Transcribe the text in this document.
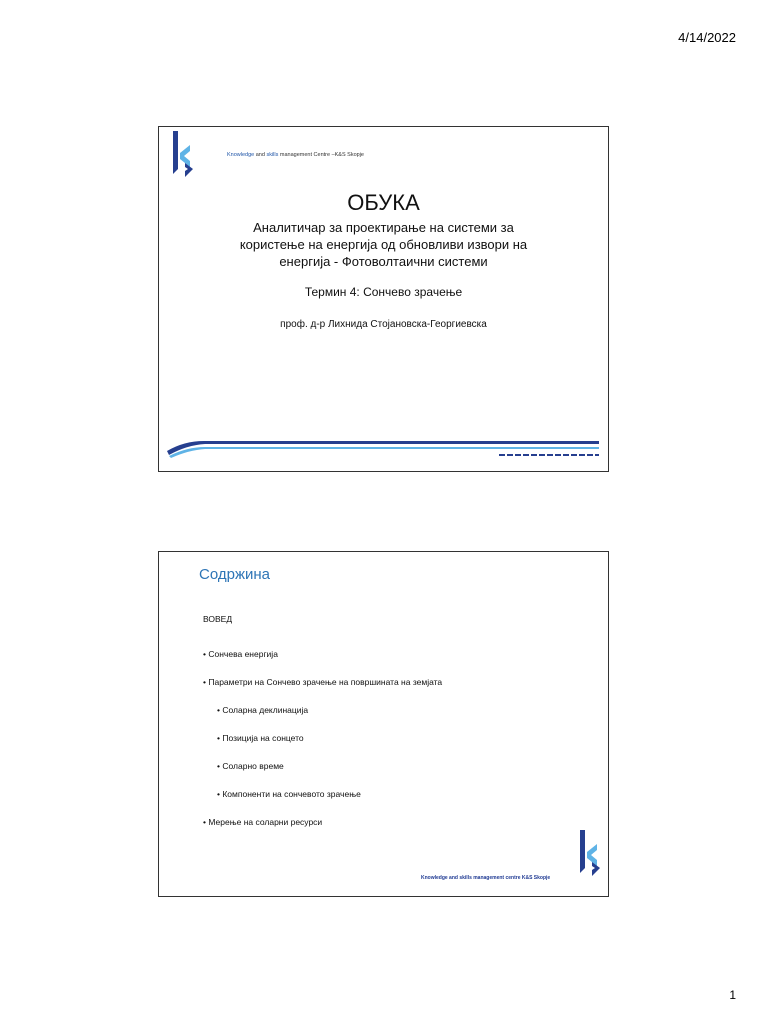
4/14/2022
Knowledge and skills management Centre –K&S Skopje
ОБУКА
Аналитичар за проектирање на системи за
користење на енергија од обновливи извори на
енергија - Фотоволтаични системи
Термин 4: Сончево зрачење
проф. д-р Лихнида Стојановска-Георгиевска
Содржина
ВОВЕД
• Сончева енергија
• Параметри на Сончево зрачење на површината на земјата
• Соларна деклинација
• Позиција на сонцето
• Соларно време
• Компоненти на сончевото зрачење
• Мерење на соларни ресурси
Knowledge and skills management centre K&S Skopje
1
